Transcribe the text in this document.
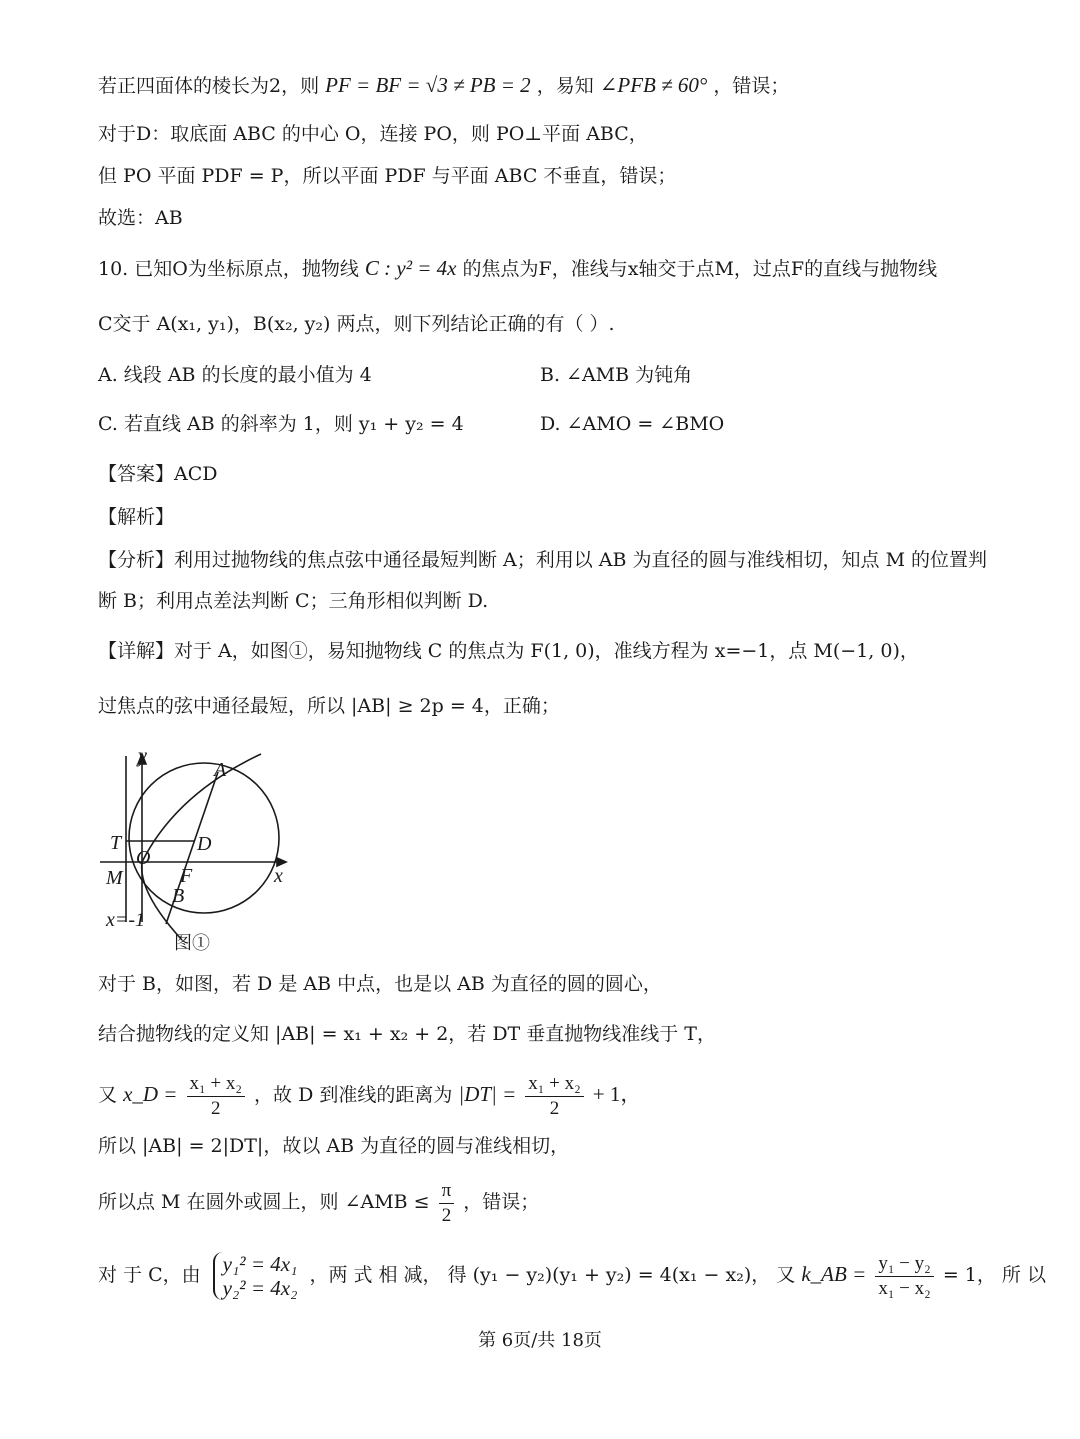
若正四面体的棱长为2，则 PF = BF = √3 ≠ PB = 2 ，易知 ∠PFB ≠ 60° ，错误；
对于D：取底面 ABC 的中心 O，连接 PO，则 PO⊥平面 ABC，
但 PO 平面 PDF = P，所以平面 PDF 与平面 ABC 不垂直，错误；
故选：AB
10. 已知O为坐标原点，抛物线 C : y² = 4x 的焦点为F，准线与x轴交于点M，过点F的直线与抛物线
C交于 A(x₁, y₁)，B(x₂, y₂) 两点，则下列结论正确的有（ ）.
A. 线段 AB 的长度的最小值为 4	B. ∠AMB 为钝角
C. 若直线 AB 的斜率为 1，则 y₁ + y₂ = 4	D. ∠AMO = ∠BMO
【答案】ACD
【解析】
【分析】利用过抛物线的焦点弦中通径最短判断 A；利用以 AB 为直径的圆与准线相切，知点 M 的位置判
断 B；利用点差法判断 C；三角形相似判断 D.
【详解】对于 A，如图①，易知抛物线 C 的焦点为 F(1, 0)，准线方程为 x=−1，点 M(−1, 0)，
过焦点的弦中通径最短，所以 |AB| ≥ 2p = 4，正确；
y
A
T	D
O
M	F
B
x
x=-1
图①
对于 B，如图，若 D 是 AB 中点，也是以 AB 为直径的圆的圆心，
结合抛物线的定义知 |AB| = x₁ + x₂ + 2，若 DT 垂直抛物线准线于 T，
又 x_D = $\frac{\text{x₁ + x₂}}{2}$ ，故 D 到准线的距离为 $|DT| = \frac{\text{x₁ + x₂}}{2} + 1$，
所以 |AB| = 2|DT|，故以 AB 为直径的圆与准线相切，
所以点 M 在圆外或圆上，则 ∠AMB ≤ $\frac{\pi}{2}$ ，错误；
对 于 C，由 y₁² = 4x₁
y₂² = 4x₂
，两 式 相 减， 得 (y₁ − y₂)(y₁ + y₂) = 4(x₁ − x₂)， 又 k_AB = $\frac{\text{y₁ − y₂}}{\text{x₁ − x₂}} = 1$， 所 以
第 6页/共 18页
